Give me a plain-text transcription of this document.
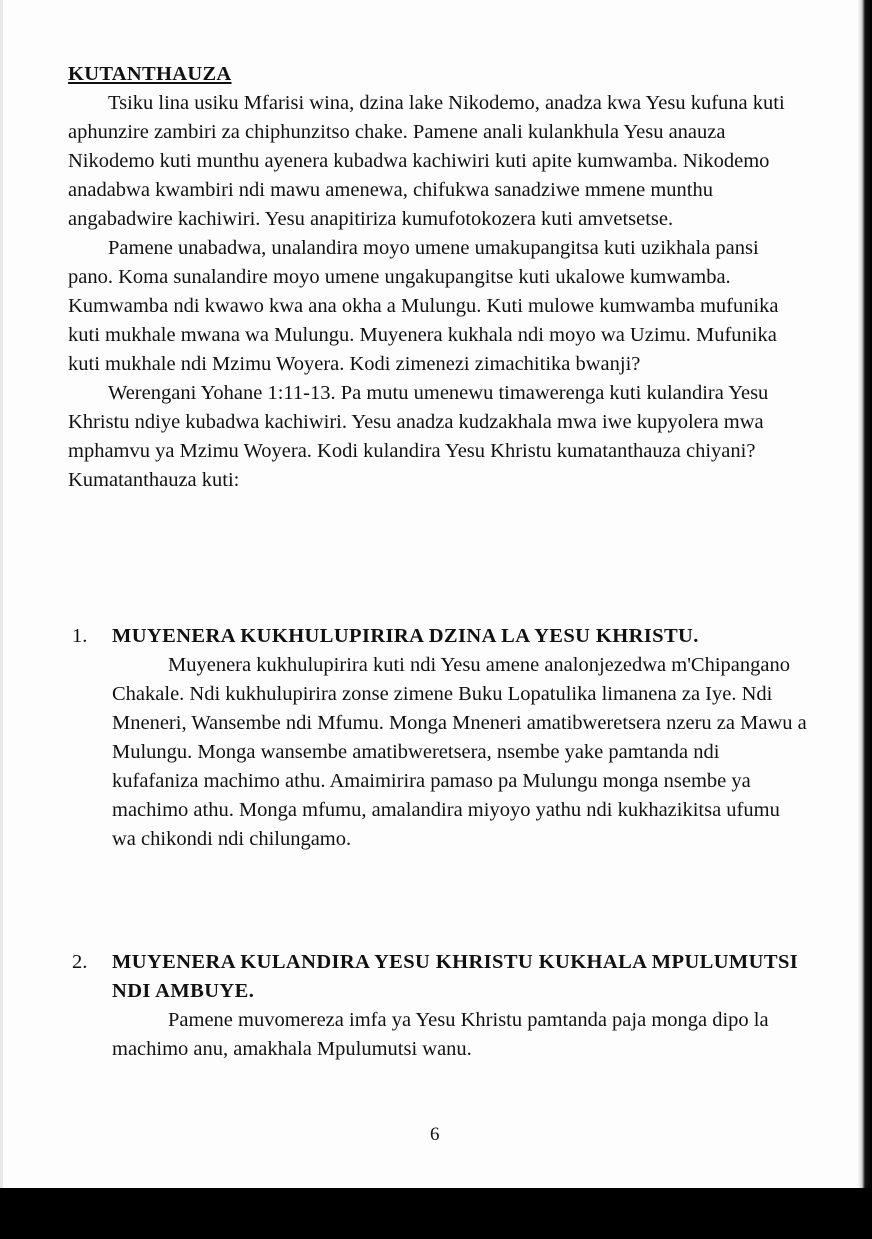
KUTANTHAUZA

Tsiku lina usiku Mfarisi wina, dzina lake Nikodemo, anadza kwa Yesu kufuna kuti aphunzire zambiri za chiphunzitso chake. Pamene anali kulankhula Yesu anauza Nikodemo kuti munthu ayenera kubadwa kachiwiri kuti apite kumwamba. Nikodemo anadabwa kwambiri ndi mawu amenewa, chifukwa sanadziwe mmene munthu angabadwire kachiwiri. Yesu anapitiriza kumufotokozera kuti amvetsetse.

Pamene unabadwa, unalandira moyo umene umakupangitsa kuti uzikhala pansi pano. Koma sunalandire moyo umene ungakupangitse kuti ukalowe kumwamba. Kumwamba ndi kwawo kwa ana okha a Mulungu. Kuti mulowe kumwamba mufunika kuti mukhale mwana wa Mulungu. Muyenera kukhala ndi moyo wa Uzimu. Mufunika kuti mukhale ndi Mzimu Woyera. Kodi zimenezi zimachitika bwanji?

Werengani Yohane 1:11-13. Pa mutu umenewu timawerenga kuti kulandira Yesu Khristu ndiye kubadwa kachiwiri. Yesu anadza kudzakhala mwa iwe kupyolera mwa mphamvu ya Mzimu Woyera. Kodi kulandira Yesu Khristu kumatanthauza chiyani? Kumatanthauza kuti:

1.	MUYENERA KUKHULUPIRIRA DZINA LA YESU KHRISTU.

Muyenera kukhulupirira kuti ndi Yesu amene analonjezedwa m'Chipangano Chakale. Ndi kukhulupirira zonse zimene Buku Lopatulika limanena za Iye. Ndi Mneneri, Wansembe ndi Mfumu. Monga Mneneri amatibweretsera nzeru za Mawu a Mulungu. Monga wansembe amatibweretsera, nsembe yake pamtanda ndi kufafaniza machimo athu. Amaimirira pamaso pa Mulungu monga nsembe ya machimo athu. Monga mfumu, amalandira miyoyo yathu ndi kukhazikitsa ufumu wa chikondi ndi chilungamo.

2.	MUYENERA KULANDIRA YESU KHRISTU KUKHALA MPULUMUTSI NDI AMBUYE.

Pamene muvomereza imfa ya Yesu Khristu pamtanda paja monga dipo la machimo anu, amakhala Mpulumutsi wanu.

6
